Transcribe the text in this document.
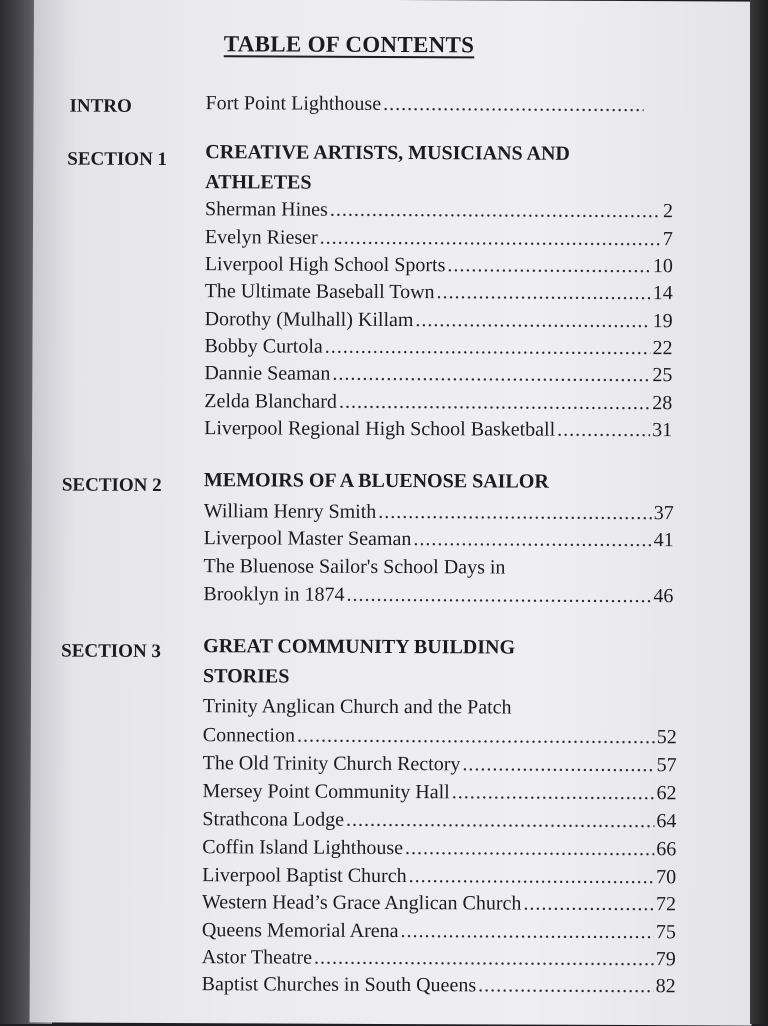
TABLE OF CONTENTS
INTRO	Fort Point Lighthouse
.....
SECTION 1 CREATIVE ARTISTS, MUSICIANS AND
ATHLETES
Sherman Hines .....	2
Evelyn Rieser .....	7
Liverpool High School Sports .....	10
The Ultimate Baseball Town .....	14
Dorothy (Mulhall) Killam .....	19
Bobby Curtola .....	22
Dannie Seaman .....	25
Zelda Blanchard .....	28
Liverpool Regional High School Basketball .....	31
SECTION 2 MEMOIRS OF A BLUENOSE SAILOR
William Henry Smith .....	37
Liverpool Master Seaman .....	41
The Bluenose Sailor's School Days in
Brooklyn in 1874 .....	46
SECTION 3 GREAT COMMUNITY BUILDING
STORIES
Trinity Anglican Church and the Patch
Connection .....	52
The Old Trinity Church Rectory .....	57
Mersey Point Community Hall .....	62
Strathcona Lodge .....	64
Coffin Island Lighthouse .....	66
Liverpool Baptist Church .....	70
Western Head’s Grace Anglican Church .....	72
Queens Memorial Arena .....	75
Astor Theatre .....	79
Baptist Churches in South Queens .....	82
